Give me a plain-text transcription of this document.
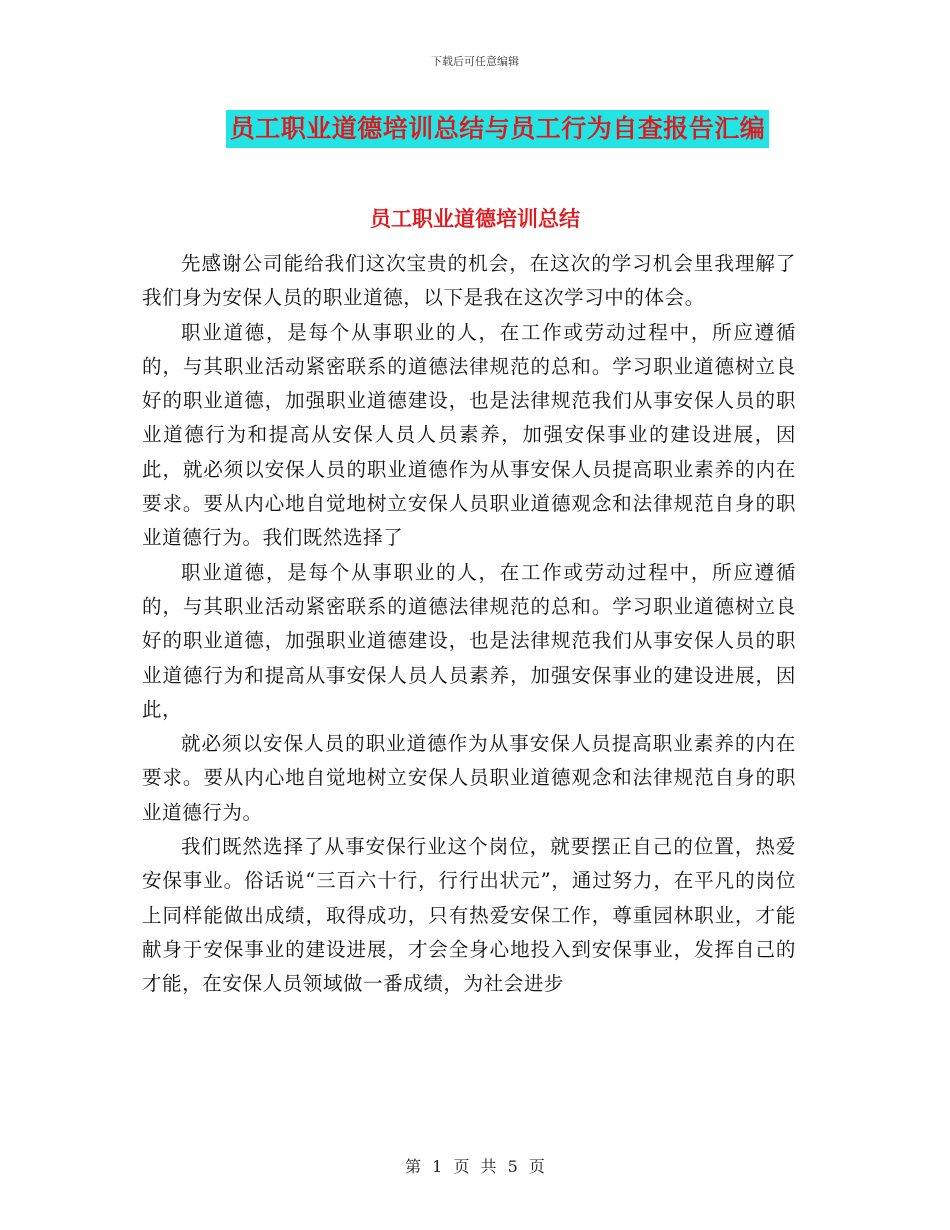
下载后可任意编辑
员工职业道德培训总结与员工行为自查报告汇编
员工职业道德培训总结

先感谢公司能给我们这次宝贵的机会，在这次的学习机会里我理解了我们身为安保人员的职业道德，以下是我在这次学习中的体会。

职业道德，是每个从事职业的人，在工作或劳动过程中，所应遵循的，与其职业活动紧密联系的道德法律规范的总和。学习职业道德树立良好的职业道德，加强职业道德建设，也是法律规范我们从事安保人员的职业道德行为和提高从安保人员人员素养，加强安保事业的建设进展，因此，就必须以安保人员的职业道德作为从事安保人员提高职业素养的内在要求。要从内心地自觉地树立安保人员职业道德观念和法律规范自身的职业道德行为。我们既然选择了

职业道德，是每个从事职业的人，在工作或劳动过程中，所应遵循的，与其职业活动紧密联系的道德法律规范的总和。学习职业道德树立良好的职业道德，加强职业道德建设，也是法律规范我们从事安保人员的职业道德行为和提高从事安保人员人员素养，加强安保事业的建设进展，因此，

就必须以安保人员的职业道德作为从事安保人员提高职业素养的内在要求。要从内心地自觉地树立安保人员职业道德观念和法律规范自身的职业道德行为。

我们既然选择了从事安保行业这个岗位，就要摆正自己的位置，热爱安保事业。俗话说“三百六十行，行行出状元”，通过努力，在平凡的岗位上同样能做出成绩，取得成功，只有热爱安保工作，尊重园林职业，才能献身于安保事业的建设进展，才会全身心地投入到安保事业，发挥自己的才能，在安保人员领域做一番成绩，为社会进步

第 1 页 共 5 页
